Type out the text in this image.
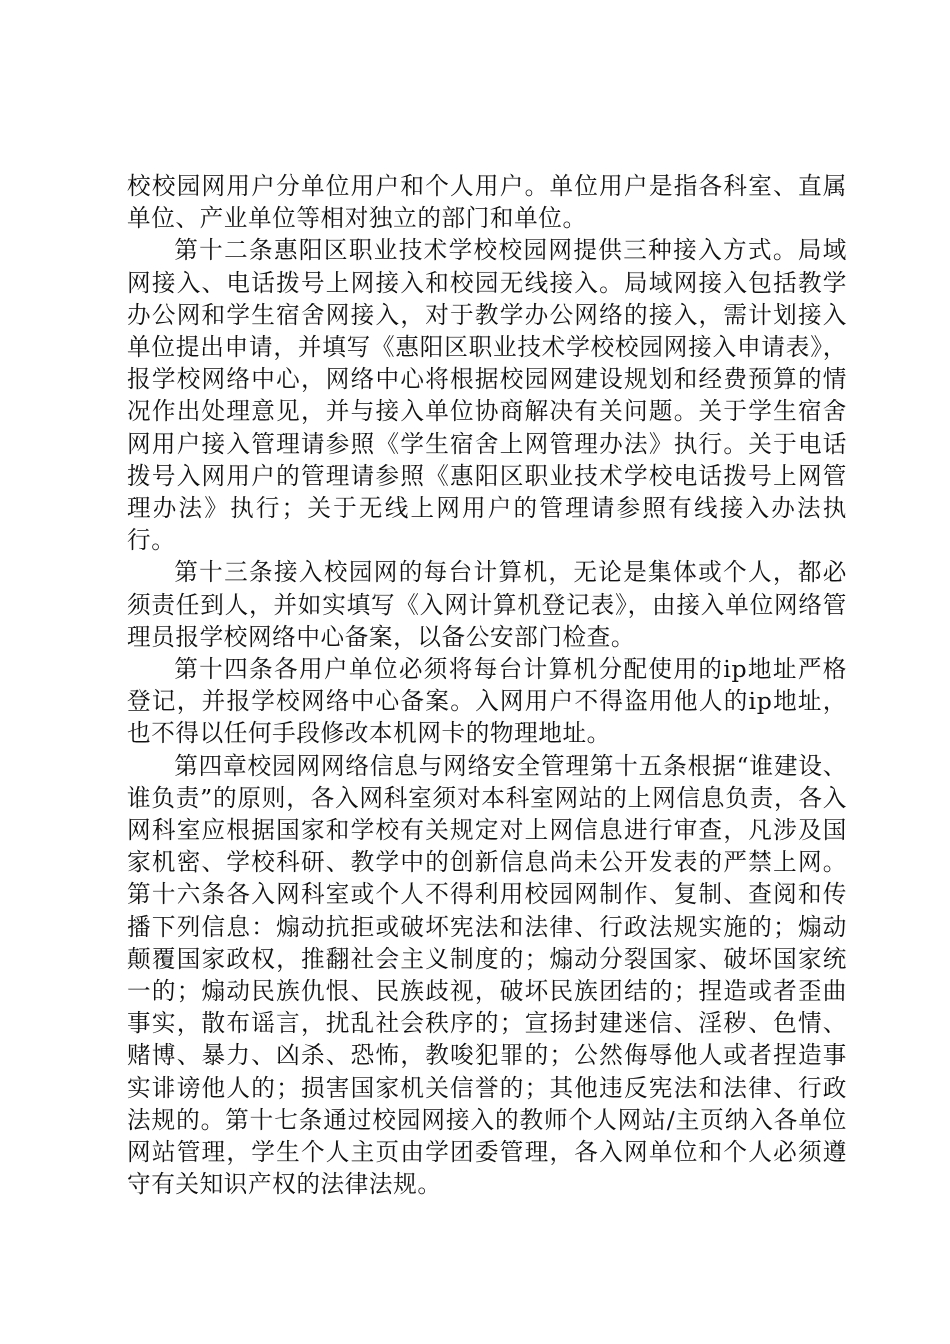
校校园网用户分单位用户和个人用户。单位用户是指各科室、直属单位、产业单位等相对独立的部门和单位。

第十二条惠阳区职业技术学校校园网提供三种接入方式。局域网接入、电话拨号上网接入和校园无线接入。局域网接入包括教学办公网和学生宿舍网接入，对于教学办公网络的接入，需计划接入单位提出申请，并填写《惠阳区职业技术学校校园网接入申请表》，报学校网络中心，网络中心将根据校园网建设规划和经费预算的情况作出处理意见，并与接入单位协商解决有关问题。关于学生宿舍网用户接入管理请参照《学生宿舍上网管理办法》执行。关于电话拨号入网用户的管理请参照《惠阳区职业技术学校电话拨号上网管理办法》执行；关于无线上网用户的管理请参照有线接入办法执行。

第十三条接入校园网的每台计算机，无论是集体或个人，都必须责任到人，并如实填写《入网计算机登记表》，由接入单位网络管理员报学校网络中心备案，以备公安部门检查。

第十四条各用户单位必须将每台计算机分配使用的ip地址严格登记，并报学校网络中心备案。入网用户不得盗用他人的ip地址，也不得以任何手段修改本机网卡的物理地址。

第四章校园网网络信息与网络安全管理第十五条根据“谁建设、谁负责”的原则，各入网科室须对本科室网站的上网信息负责，各入网科室应根据国家和学校有关规定对上网信息进行审查，凡涉及国家机密、学校科研、教学中的创新信息尚未公开发表的严禁上网。第十六条各入网科室或个人不得利用校园网制作、复制、查阅和传播下列信息：煽动抗拒或破坏宪法和法律、行政法规实施的；煽动颠覆国家政权，推翻社会主义制度的；煽动分裂国家、破坏国家统一的；煽动民族仇恨、民族歧视，破坏民族团结的；捏造或者歪曲事实，散布谣言，扰乱社会秩序的；宣扬封建迷信、淫秽、色情、赌博、暴力、凶杀、恐怖，教唆犯罪的；公然侮辱他人或者捏造事实诽谤他人的；损害国家机关信誉的；其他违反宪法和法律、行政法规的。第十七条通过校园网接入的教师个人网站/主页纳入各单位网站管理，学生个人主页由学团委管理，各入网单位和个人必须遵守有关知识产权的法律法规。
